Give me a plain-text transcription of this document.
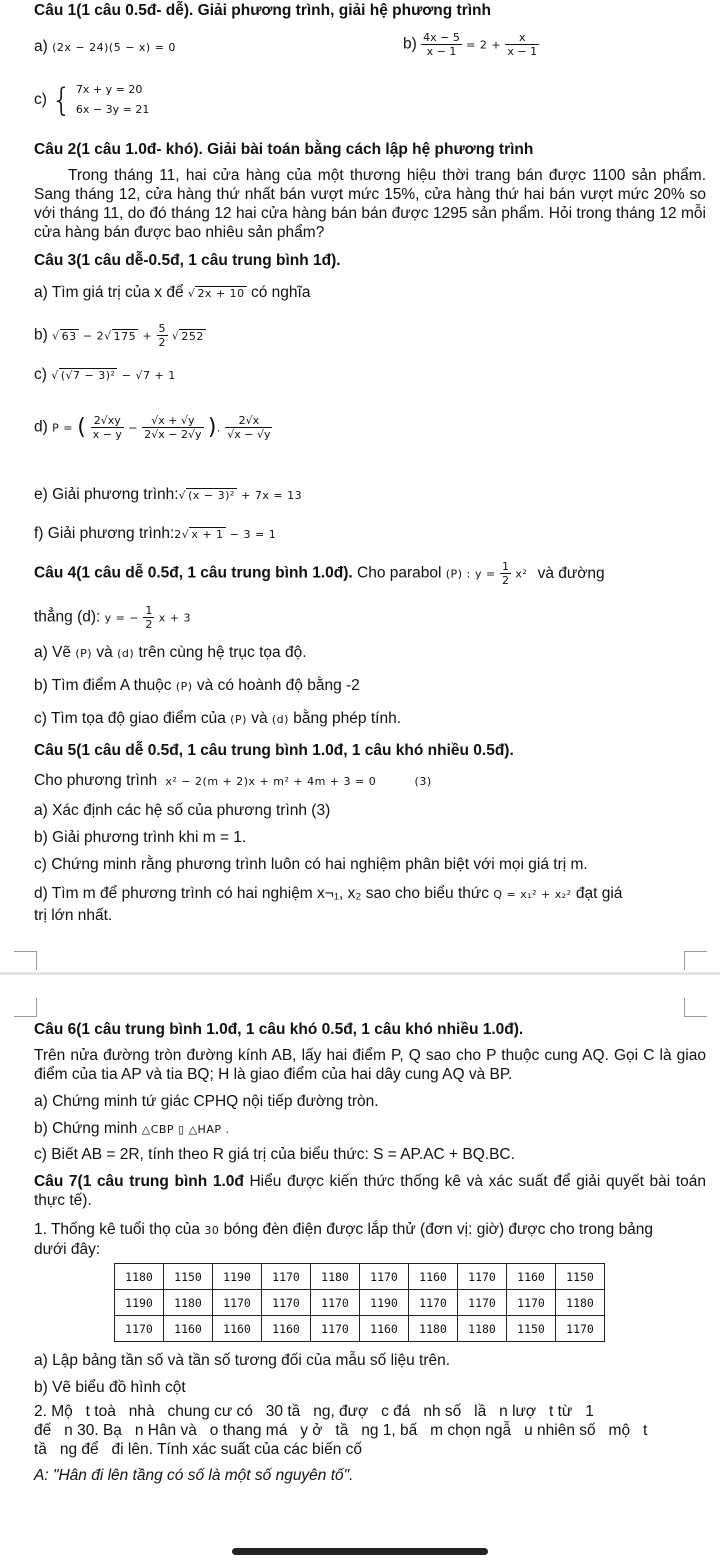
Câu 1(1 câu 0.5đ- dễ). Giải phương trình, giải hệ phương trình
a) (2x − 24)(5 − x) = 0	$b) \frac{4x - 5}{x - 1} = 2 + \frac{x}{x - 1}$
c) { 7x + y = 20
6x − 3y = 21
Câu 2(1 câu 1.0đ- khó). Giải bài toán bằng cách lập hệ phương trình
Trong tháng 11, hai cửa hàng của một thương hiệu thời trang bán được 1100 sản phẩm. Sang tháng 12, cửa hàng thứ nhất bán vượt mức 15%, cửa hàng thứ hai bán vượt mức 20% so với tháng 11, do đó tháng 12 hai cửa hàng bán bán được 1295 sản phẩm. Hỏi trong tháng 12 mỗi cửa hàng bán được bao nhiêu sản phẩm?
Câu 3(1 câu dễ-0.5đ, 1 câu trung bình 1đ).
a) Tìm giá trị của x để √ 2x + 10 có nghĩa
b) √ 63 − 2√ $175 + \frac{5}{2}$ √ 252
c) √ (√7 − 3)² − √7 + 1
d) P = ( $\frac{2√xy}{x - y} - \frac{√x + √y}{2√x - 2√y}$ ). $\frac{2√x}{√x - √y}$
e) Giải phương trình:√ (x − 3)² + 7x = 13
f) Giải phương trình:2√ x + 1 − 3 = 1
Câu 4(1 câu dễ 0.5đ, 1 câu trung bình 1.0đ). Cho parabol (P) : $y = \frac{1}{2} x^2$ và đường
thẳng (d): y = − $\frac{1}{2}$ x + 3
a) Vẽ (P) và (d) trên cùng hệ trục tọa độ.
b) Tìm điểm A thuộc (P) và có hoành độ bằng -2
c) Tìm tọa độ giao điểm của (P) và (d) bằng phép tính.
Câu 5(1 câu dễ 0.5đ, 1 câu trung bình 1.0đ, 1 câu khó nhiều 0.5đ).
Cho phương trình x² − 2(m + 2)x + m² + 4m + 3 = 0	(3)
a) Xác định các hệ số của phương trình (3)
b) Giải phương trình khi m = 1.
c) Chứng minh rằng phương trình luôn có hai nghiệm phân biệt với mọi giá trị m.
d) Tìm m để phương trình có hai nghiệm x¬₁, x₂ sao cho biểu thức Q = x₁² + x₂² đạt giá
trị lớn nhất.
Câu 6(1 câu trung bình 1.0đ, 1 câu khó 0.5đ, 1 câu khó nhiều 1.0đ).
Trên nửa đường tròn đường kính AB, lấy hai điểm P, Q sao cho P thuộc cung AQ. Gọi C là giao điểm của tia AP và tia BQ; H là giao điểm của hai dây cung AQ và BP.
a) Chứng minh tứ giác CPHQ nội tiếp đường tròn.
b) Chứng minh △CBP ▯ △HAP .
c) Biết AB = 2R, tính theo R giá trị của biểu thức: S = AP.AC + BQ.BC.
Câu 7(1 câu trung bình 1.0đ Hiểu được kiến thức thống kê và xác suất để giải quyết bài toán thực tế).
1. Thống kê tuổi thọ của 30 bóng đèn điện được lắp thử (đơn vị: giờ) được cho trong bảng
dưới đây:
1180	1150	1190	1170	1180	1170	1160	1170	1160	1150
1190	1180	1170	1170	1170	1190	1170	1170	1170	1180
1170	1160	1160	1160	1170	1160	1180	1180	1150	1170
a) Lập bảng tần số và tần số tương đối của mẫu số liệu trên.
b) Vẽ biểu đồ hình cột
2. Mộ   t toà   nhà   chung cư có   30 tầ   ng, đượ   c đá   nh số   lầ   n lượ   t từ   1
đế   n 30. Bạ   n Hân và   o thang má   y ở   tầ   ng 1, bấ   m chọn ngẫ   u nhiên số   mộ   t
tầ   ng để   đi lên. Tính xác suất của các biến cố
A: "Hân đi lên tầng có số là một số nguyên tố".
